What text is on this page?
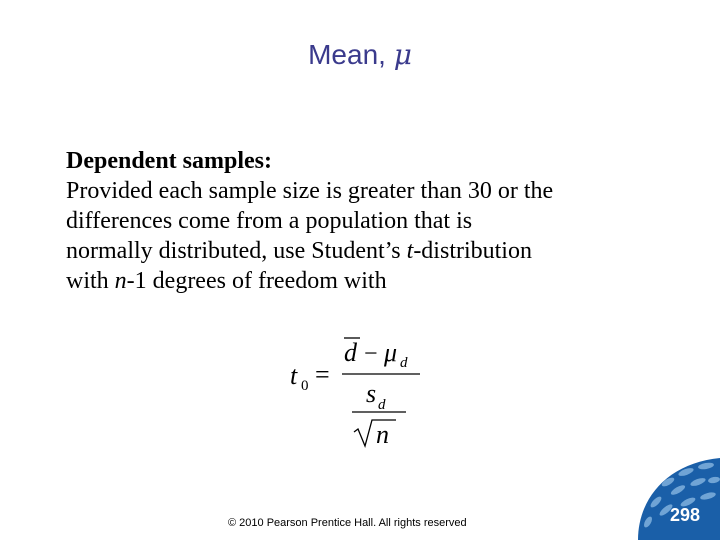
Mean, μ

Dependent samples:

Provided each sample size is greater than 30 or the

differences come from a population that is

normally distributed, use Student’s t-distribution

with n-1 degrees of freedom with

t 0 =
d − μ d
s d
n
© 2010 Pearson Prentice Hall. All rights reserved	298
